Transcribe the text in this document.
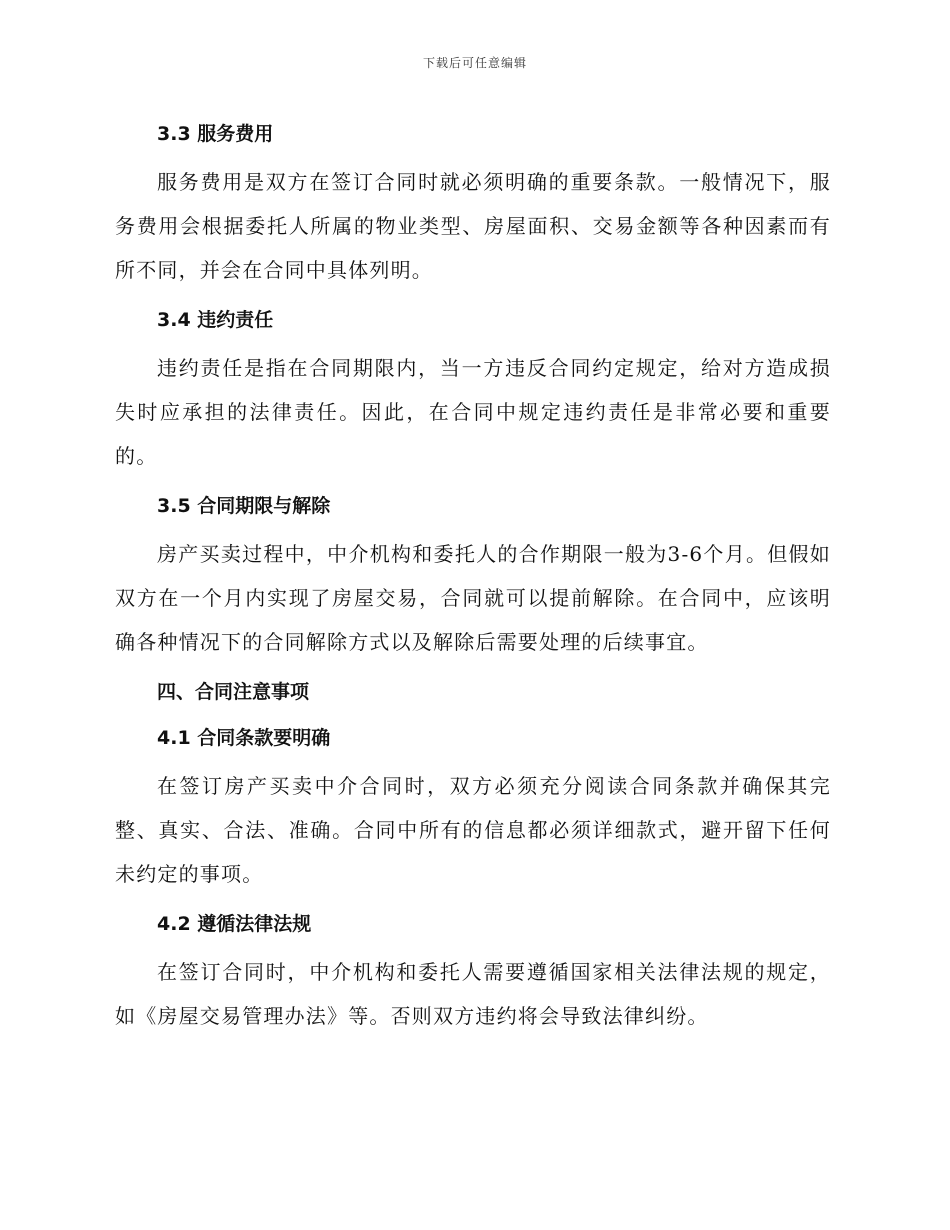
下载后可任意编辑
3.3 服务费用

服务费用是双方在签订合同时就必须明确的重要条款。一般情况下，服务费用会根据委托人所属的物业类型、房屋面积、交易金额等各种因素而有所不同，并会在合同中具体列明。

3.4 违约责任

违约责任是指在合同期限内，当一方违反合同约定规定，给对方造成损失时应承担的法律责任。因此，在合同中规定违约责任是非常必要和重要的。

3.5 合同期限与解除

房产买卖过程中，中介机构和委托人的合作期限一般为3-6个月。但假如双方在一个月内实现了房屋交易，合同就可以提前解除。在合同中，应该明确各种情况下的合同解除方式以及解除后需要处理的后续事宜。

四、合同注意事项
4.1 合同条款要明确

在签订房产买卖中介合同时，双方必须充分阅读合同条款并确保其完整、真实、合法、准确。合同中所有的信息都必须详细款式，避开留下任何未约定的事项。

4.2 遵循法律法规

在签订合同时，中介机构和委托人需要遵循国家相关法律法规的规定，如《房屋交易管理办法》等。否则双方违约将会导致法律纠纷。
